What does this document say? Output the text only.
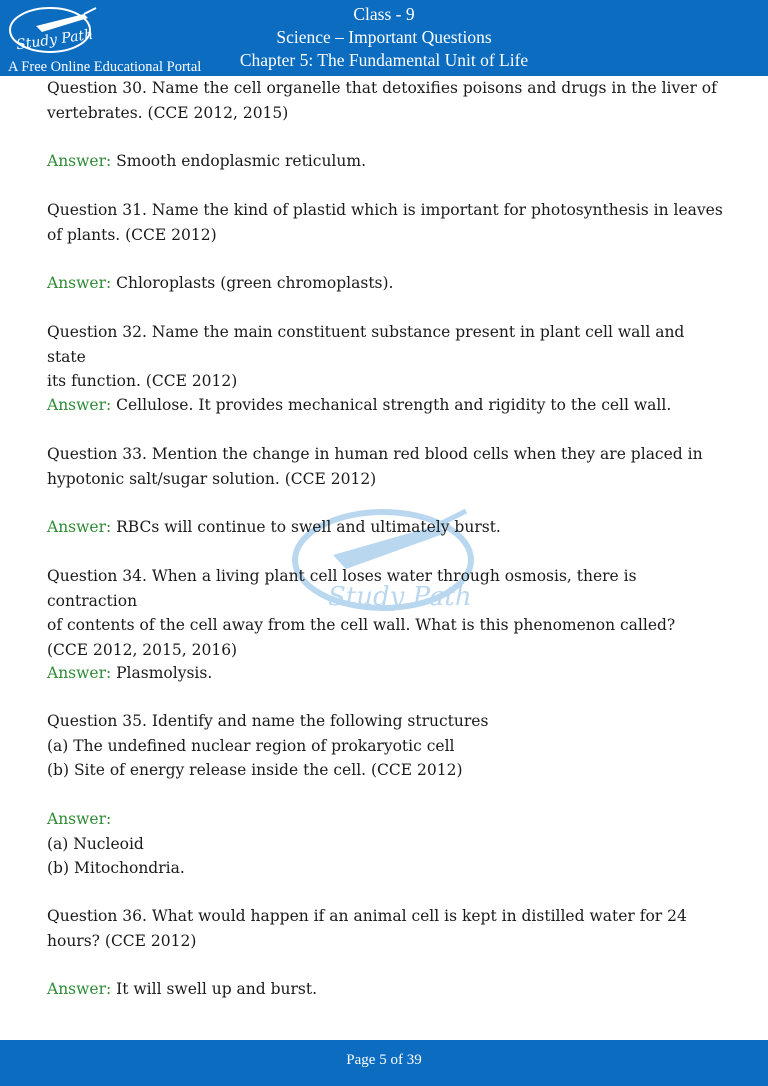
Study Path
A Free Online Educational Portal
Class - 9
Science – Important Questions
Chapter 5: The Fundamental Unit of Life
Study Path

Question 30. Name the cell organelle that detoxifies poisons and drugs in the liver of

vertebrates. (CCE 2012, 2015)

Answer: Smooth endoplasmic reticulum.

Question 31. Name the kind of plastid which is important for photosynthesis in leaves

of plants. (CCE 2012)

Answer: Chloroplasts (green chromoplasts).

Question 32. Name the main constituent substance present in plant cell wall and state

its function. (CCE 2012)

Answer: Cellulose. It provides mechanical strength and rigidity to the cell wall.

Question 33. Mention the change in human red blood cells when they are placed in

hypotonic salt/sugar solution. (CCE 2012)

Answer: RBCs will continue to swell and ultimately burst.

Question 34. When a living plant cell loses water through osmosis, there is contraction

of contents of the cell away from the cell wall. What is this phenomenon called?

(CCE 2012, 2015, 2016)

Answer: Plasmolysis.

Question 35. Identify and name the following structures

(a) The undefined nuclear region of prokaryotic cell

(b) Site of energy release inside the cell. (CCE 2012)

Answer:

(a) Nucleoid

(b) Mitochondria.

Question 36. What would happen if an animal cell is kept in distilled water for 24

hours? (CCE 2012)

Answer: It will swell up and burst.

Page 5 of 39
